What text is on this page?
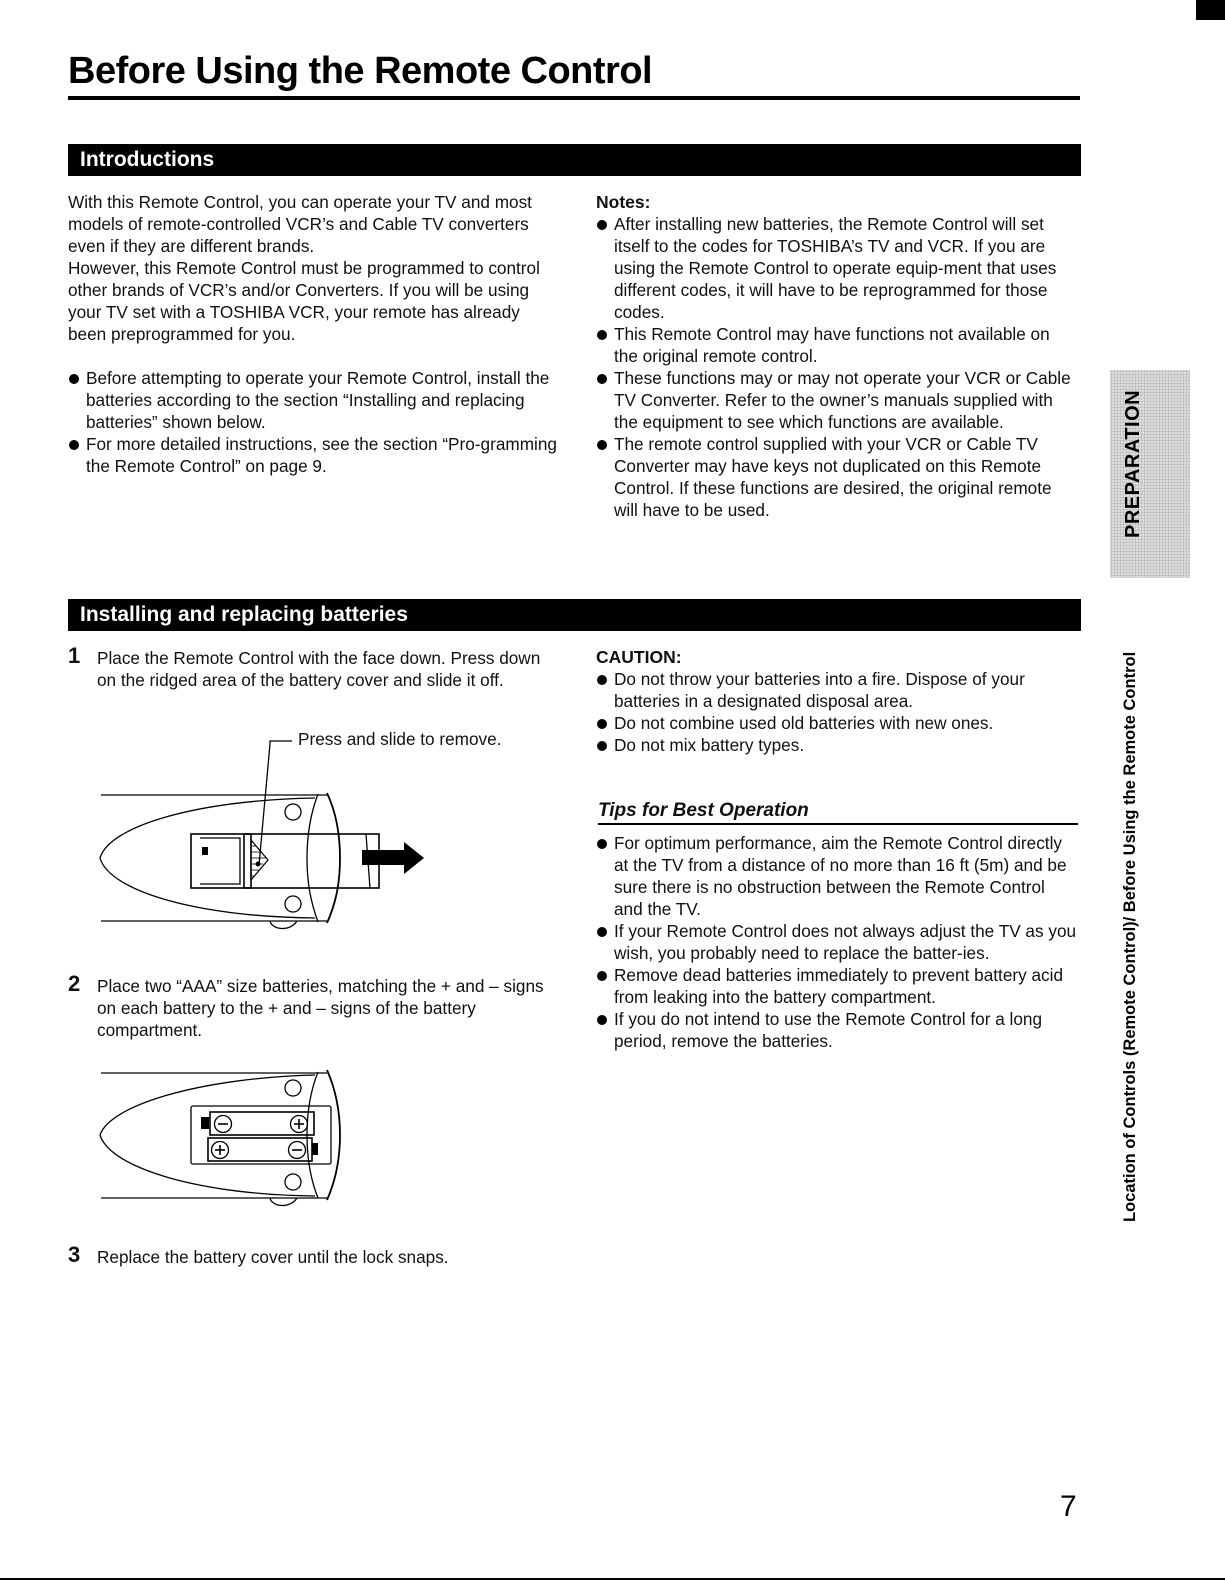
Before Using the Remote Control
Introductions

With this Remote Control, you can operate your TV and most models of remote-controlled VCR’s and Cable TV converters even if they are different brands.

However, this Remote Control must be programmed to control other brands of VCR’s and/or Converters. If you will be using your TV set with a TOSHIBA VCR, your remote has already been preprogrammed for you.

Before attempting to operate your Remote Control, install the batteries according to the section “Installing and replacing batteries” shown below.
For more detailed instructions, see the section “Pro-gramming the Remote Control” on page 9.
Notes:
After installing new batteries, the Remote Control will set itself to the codes for TOSHIBA’s TV and VCR. If you are using the Remote Control to operate equip-ment that uses different codes, it will have to be reprogrammed for those codes.
This Remote Control may have functions not available on the original remote control.
These functions may or may not operate your VCR or Cable TV Converter. Refer to the owner’s manuals supplied with the equipment to see which functions are available.
The remote control supplied with your VCR or Cable TV Converter may have keys not duplicated on this Remote Control. If these functions are desired, the original remote will have to be used.	PREPARATION
Location of Controls (Remote Control)/ Before Using the Remote Control
Installing and replacing batteries
1 Place the Remote Control with the face down. Press down on the ridged area of the battery cover and slide it off.
Press and slide to remove.
2 Place two “AAA” size batteries, matching the + and – signs on each battery to the + and – signs of the battery compartment.
3 Replace the battery cover until the lock snaps.
CAUTION:
Do not throw your batteries into a fire. Dispose of your batteries in a designated disposal area.
Do not combine used old batteries with new ones.
Do not mix battery types.
Tips for Best Operation
For optimum performance, aim the Remote Control directly at the TV from a distance of no more than 16 ft (5m) and be sure there is no obstruction between the Remote Control and the TV.
If your Remote Control does not always adjust the TV as you wish, you probably need to replace the batter-ies.
Remove dead batteries immediately to prevent battery acid from leaking into the battery compartment.
If you do not intend to use the Remote Control for a long period, remove the batteries.
7
